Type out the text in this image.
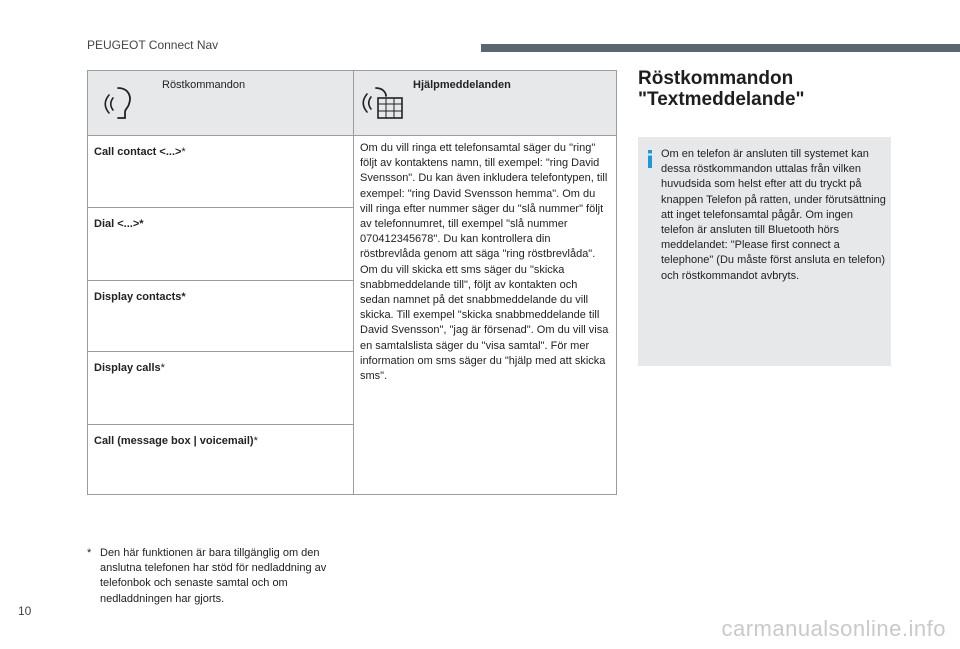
PEUGEOT Connect Nav
Röstkommandon	Hjälpmeddelanden

Call contact <...>*	Om du vill ringa ett telefonsamtal säger du "ring" följt av kontaktens namn, till exempel: "ring David Svensson". Du kan även inkludera telefontypen, till exempel: "ring David Svensson hemma". Om du vill ringa efter nummer säger du "slå nummer" följt av telefonnumret, till exempel "slå nummer 070412345678". Du kan kontrollera din röstbrevlåda genom att säga "ring röstbrevlåda". Om du vill skicka ett sms säger du "skicka snabbmeddelande till", följt av kontakten och sedan namnet på det snabbmeddelande du vill skicka. Till exempel "skicka snabbmeddelande till David Svensson", "jag är försenad". Om du vill visa en samtalslista säger du "visa samtal". För mer information om sms säger du "hjälp med att skicka sms".
Dial <...>*	
Display contacts*	
Display calls*	
Call (message box | voicemail)*	
* Den här funktionen är bara tillgänglig om den anslutna telefonen har stöd för nedladdning av telefonbok och senaste samtal och om nedladdningen har gjorts.
Röstkommandon
"Textmeddelande"
Om en telefon är ansluten till systemet kan dessa röstkommandon uttalas från vilken huvudsida som helst efter att du tryckt på knappen Telefon på ratten, under förutsättning att inget telefonsamtal pågår. Om ingen telefon är ansluten till Bluetooth hörs meddelandet: "Please first connect a telephone" (Du måste först ansluta en telefon) och röstkommandot avbryts.
10
carmanualsonline.info
